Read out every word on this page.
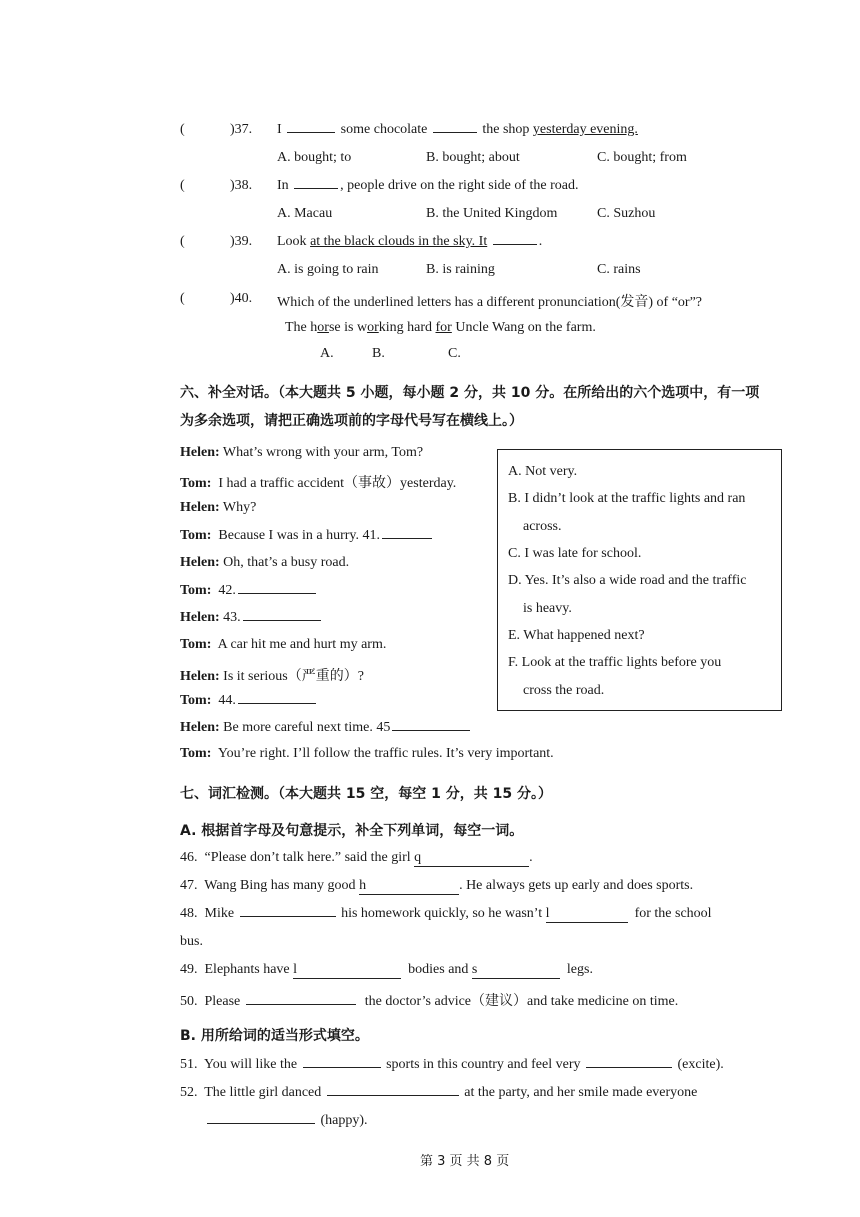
(	)37. I	some chocolate	the shop yesterday evening.
A. bought; to	B. bought; about	C. bought; from
(	)38. In	, people drive on the right side of the road.
A. Macau	B. the United Kingdom	C. Suzhou
(	)39. Look at the black clouds in the sky. It	.
A. is going to rain	B. is raining	C. rains
(	)40. Which of the underlined letters has a different pronunciation(发音) of “or”?
The horse is working hard for Uncle Wang on the farm.
A.	B.	C.
六、补全对话。（本大题共 5 小题，每小题 2 分，共 10 分。在所给出的六个选项中，有一项
为多余选项，请把正确选项前的字母代号写在横线上。）
Helen: What’s wrong with your arm, Tom?
Tom: I had a traffic accident（事故）yesterday.
Helen: Why?
Tom: Because I was in a hurry. 41.
Helen: Oh, that’s a busy road.
Tom: 42.
Helen: 43.
Tom: A car hit me and hurt my arm.
Helen: Is it serious（严重的）?
Tom: 44.
Helen: Be more careful next time. 45
Tom: You’re right. I’ll follow the traffic rules. It’s very important.
A. Not very.
B. I didn’t look at the traffic lights and ran
across.
C. I was late for school.
D. Yes. It’s also a wide road and the traffic
is heavy.
E. What happened next?
F. Look at the traffic lights before you
cross the road.
七、词汇检测。（本大题共 15 空，每空 1 分，共 15 分。）
A. 根据首字母及句意提示，补全下列单词，每空一词。
46. “Please don’t talk here.” said the girl q	.
47. Wang Bing has many good h	. He always gets up early and does sports.
48. Mike	his homework quickly, so he wasn’t l	for the school
bus.
49. Elephants have l	bodies and s	legs.
50. Please	the doctor’s advice（建议）and take medicine on time.
B. 用所给词的适当形式填空。
51. You will like the	sports in this country and feel very	(excite).
52. The little girl danced	at the party, and her smile made everyone
(happy).
第 3 页 共 8 页
